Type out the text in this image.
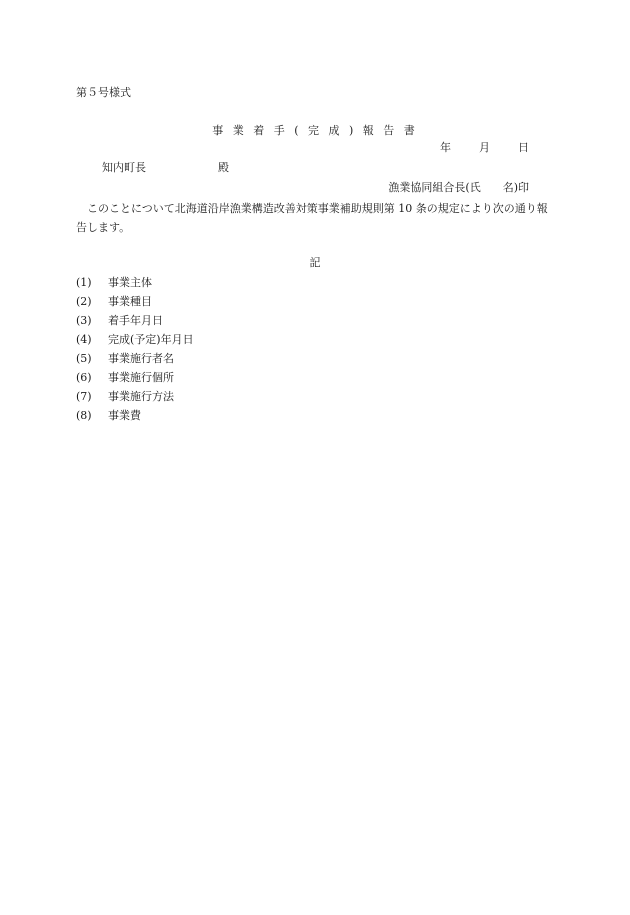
第５号様式
事 業 着 手 ( 完 成 ) 報 告 書
年	月	日
知内町長	殿
漁業協同組合長(氏 名)印
このことについて北海道沿岸漁業構造改善対策事業補助規則第 10 条の規定により次の通り報告します。
記
(1)	事業主体
(2)	事業種目
(3)	着手年月日
(4)	完成(予定)年月日
(5)	事業施行者名
(6)	事業施行個所
(7)	事業施行方法
(8)	事業費
